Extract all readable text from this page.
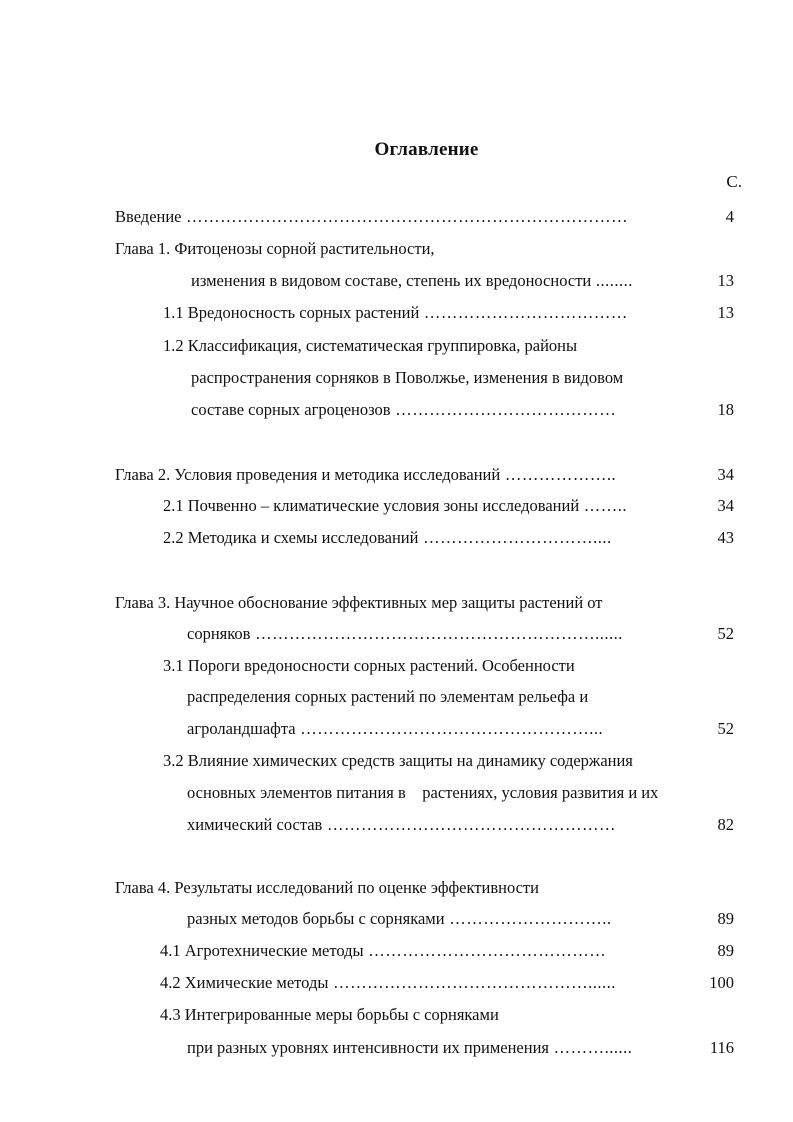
Оглавление
С.
Введение ……………………………………………………………………	4
Глава 1. Фитоценозы сорной растительности,
изменения в видовом составе, степень их вредоносности ........	13
1.1 Вредоносность сорных растений ………………………………	13
1.2 Классификация, систематическая группировка, районы
распространения сорняков в Поволжье, изменения в видовом
составе сорных агроценозов …………………………………	18
Глава 2. Условия проведения и методика исследований ………………..	34
2.1 Почвенно – климатические условия зоны исследований ……..	34
2.2 Методика и схемы исследований …………………………....	43
Глава 3. Научное обоснование эффективных мер защиты растений от
сорняков ……………………………………………………......	52
3.1 Пороги вредоносности сорных растений. Особенности
распределения сорных растений по элементам рельефа и
агроландшафта ……………………………………………...	52
3.2 Влияние химических средств защиты на динамику содержания
основных элементов питания в    растениях, условия развития и их
химический состав ……………………………………………	82
Глава 4. Результаты исследований по оценке эффективности
разных методов борьбы с сорняками ………………………..	89
4.1 Агротехнические методы ……………………………………	89
4.2 Химические методы ………………………………………......	100
4.3 Интегрированные меры борьбы с сорняками
при разных уровнях интенсивности их применения ………......	116
